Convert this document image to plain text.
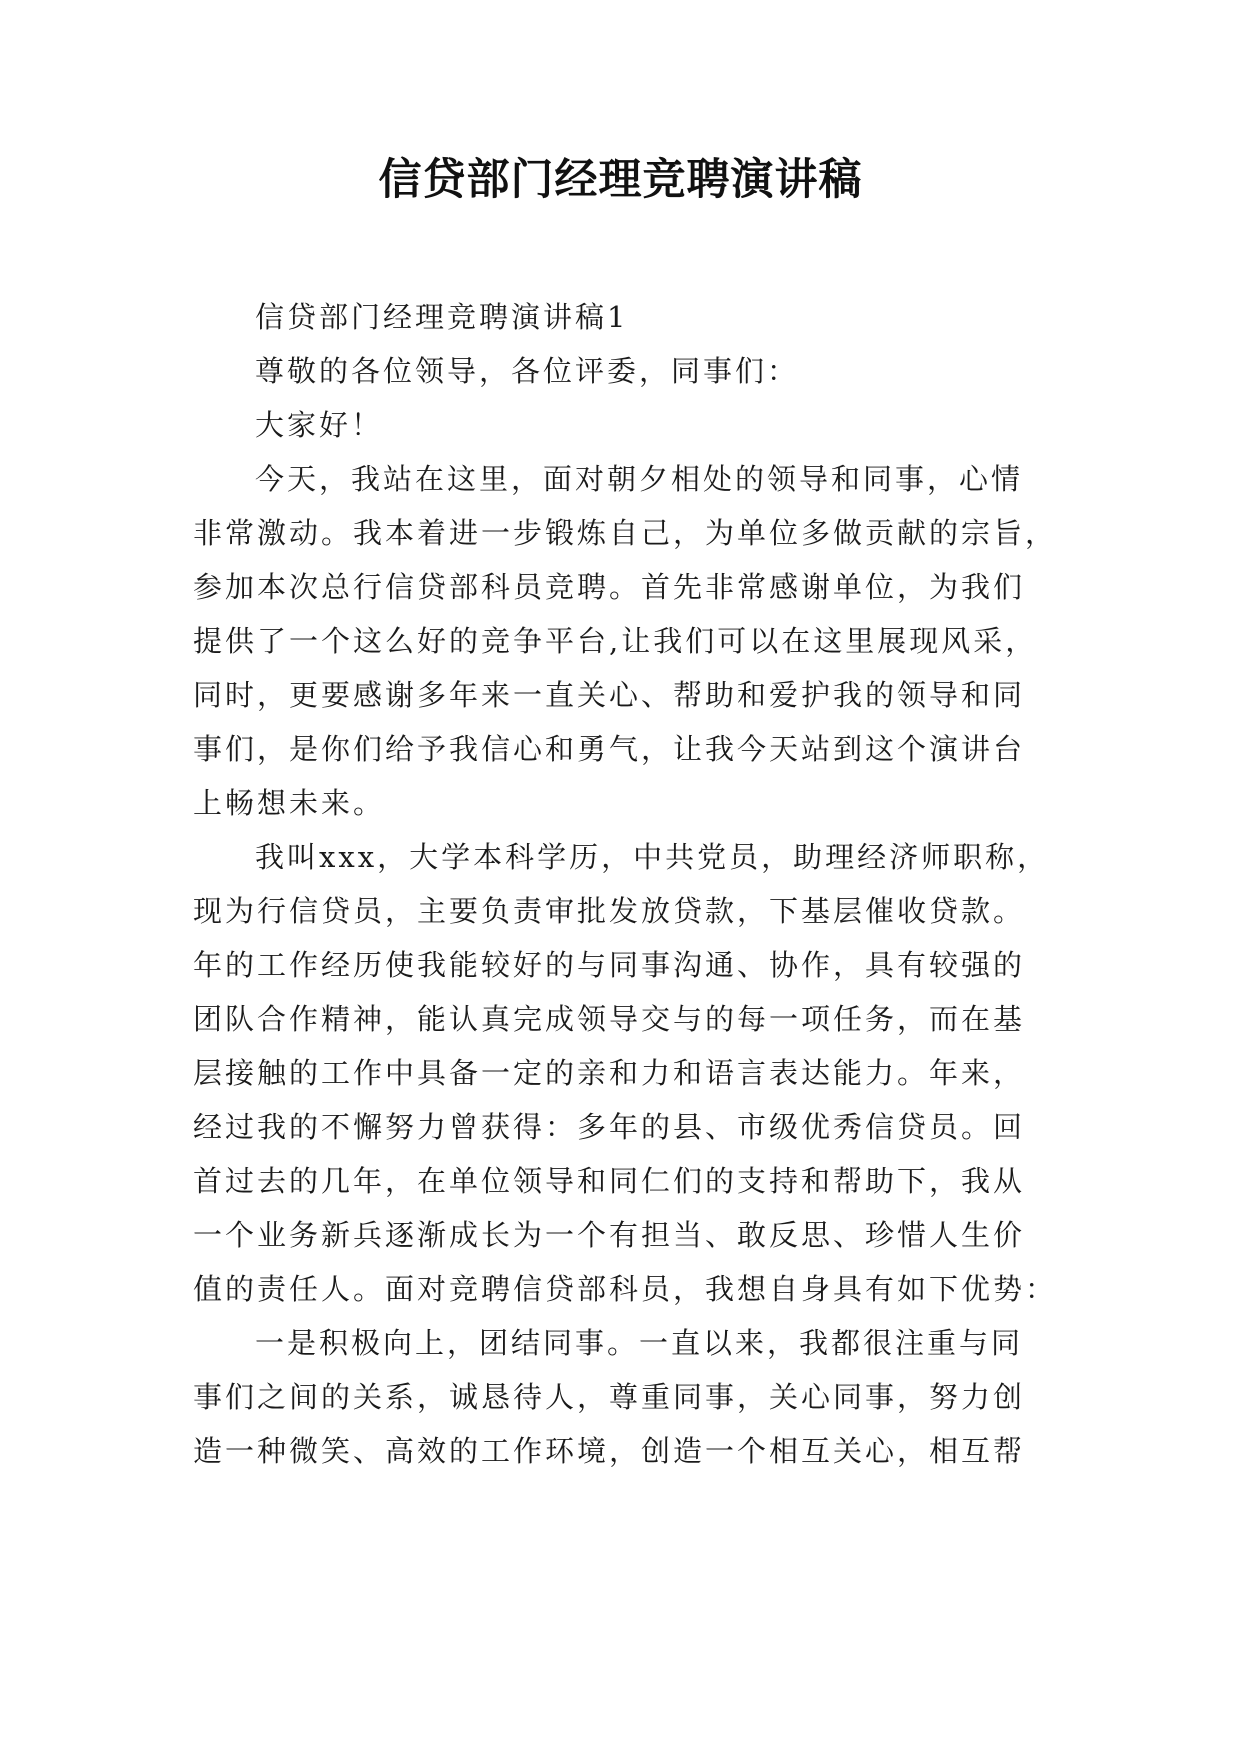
信贷部门经理竞聘演讲稿

信贷部门经理竞聘演讲稿1

尊敬的各位领导，各位评委，同事们：

大家好！

今天，我站在这里，面对朝夕相处的领导和同事，心情
非常激动。我本着进一步锻炼自己，为单位多做贡献的宗旨，
参加本次总行信贷部科员竞聘。首先非常感谢单位，为我们
提供了一个这么好的竞争平台,让我们可以在这里展现风采，
同时，更要感谢多年来一直关心、帮助和爱护我的领导和同
事们，是你们给予我信心和勇气，让我今天站到这个演讲台
上畅想未来。

我叫xxx，大学本科学历，中共党员，助理经济师职称，
现为行信贷员，主要负责审批发放贷款，下基层催收贷款。
年的工作经历使我能较好的与同事沟通、协作，具有较强的
团队合作精神，能认真完成领导交与的每一项任务，而在基
层接触的工作中具备一定的亲和力和语言表达能力。年来，
经过我的不懈努力曾获得：多年的县、市级优秀信贷员。回
首过去的几年，在单位领导和同仁们的支持和帮助下，我从
一个业务新兵逐渐成长为一个有担当、敢反思、珍惜人生价
值的责任人。面对竞聘信贷部科员，我想自身具有如下优势：

一是积极向上，团结同事。一直以来，我都很注重与同
事们之间的关系，诚恳待人，尊重同事，关心同事，努力创
造一种微笑、高效的工作环境，创造一个相互关心，相互帮
